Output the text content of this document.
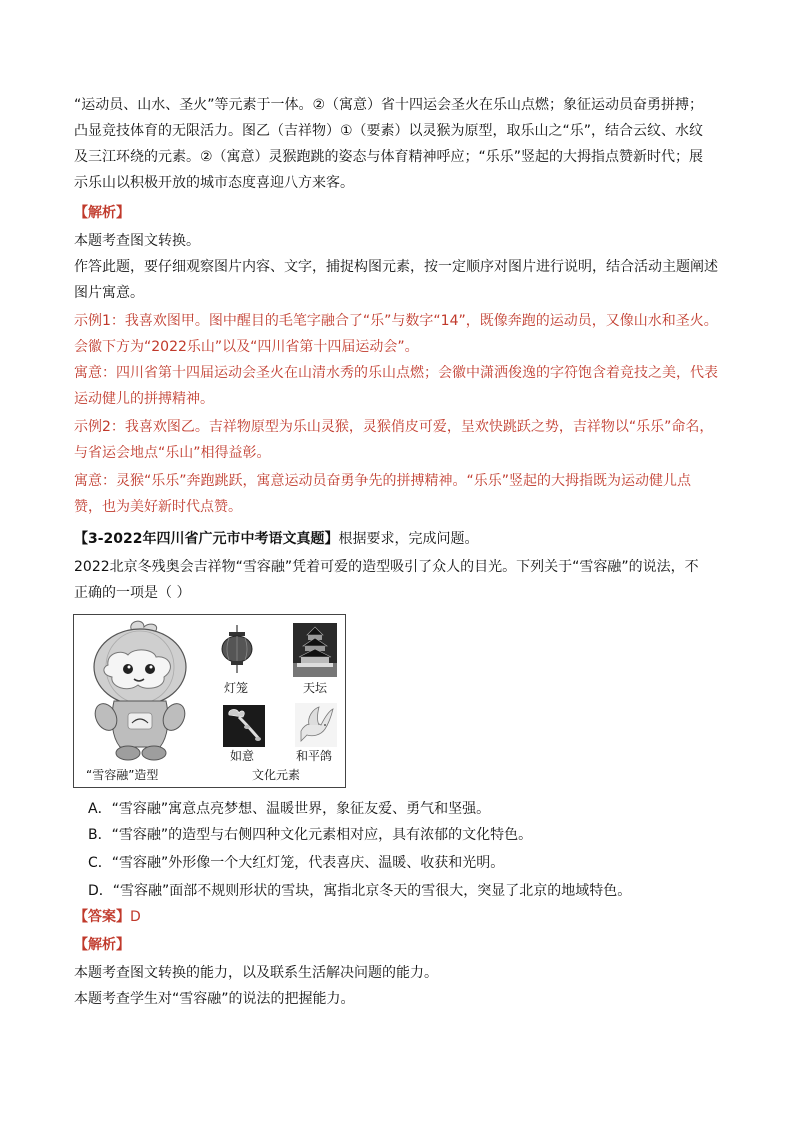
“运动员、山水、圣火”等元素于一体。②（寓意）省十四运会圣火在乐山点燃；象征运动员奋勇拼搏；
凸显竞技体育的无限活力。图乙（吉祥物）①（要素）以灵猴为原型，取乐山之“乐”，结合云纹、水纹
及三江环绕的元素。②（寓意）灵猴跑跳的姿态与体育精神呼应；“乐乐”竖起的大拇指点赞新时代；展
示乐山以积极开放的城市态度喜迎八方来客。
【解析】
本题考查图文转换。
作答此题，要仔细观察图片内容、文字，捕捉构图元素，按一定顺序对图片进行说明，结合活动主题阐述
图片寓意。
示例1：我喜欢图甲。图中醒目的毛笔字融合了“乐”与数字“14”，既像奔跑的运动员，又像山水和圣火。
会徽下方为“2022乐山”以及“四川省第十四届运动会”。
寓意：四川省第十四届运动会圣火在山清水秀的乐山点燃；会徽中潇洒俊逸的字符饱含着竞技之美，代表
运动健儿的拼搏精神。
示例2：我喜欢图乙。吉祥物原型为乐山灵猴，灵猴俏皮可爱，呈欢快跳跃之势，吉祥物以“乐乐”命名，
与省运会地点“乐山”相得益彰。
寓意：灵猴“乐乐”奔跑跳跃，寓意运动员奋勇争先的拼搏精神。“乐乐”竖起的大拇指既为运动健儿点
赞，也为美好新时代点赞。
【3-2022年四川省广元市中考语文真题】根据要求，完成问题。
2022北京冬残奥会吉祥物“雪容融”凭着可爱的造型吸引了众人的目光。下列关于“雪容融”的说法，不
正确的一项是（ ）
灯笼	天坛
如意	和平鸽
“雪容融”造型	文化元素
A．“雪容融”寓意点亮梦想、温暖世界，象征友爱、勇气和坚强。
B．“雪容融”的造型与右侧四种文化元素相对应，具有浓郁的文化特色。
C．“雪容融”外形像一个大红灯笼，代表喜庆、温暖、收获和光明。
D．“雪容融”面部不规则形状的雪块，寓指北京冬天的雪很大，突显了北京的地域特色。
【答案】D
【解析】
本题考查图文转换的能力，以及联系生活解决问题的能力。
本题考查学生对“雪容融”的说法的把握能力。
